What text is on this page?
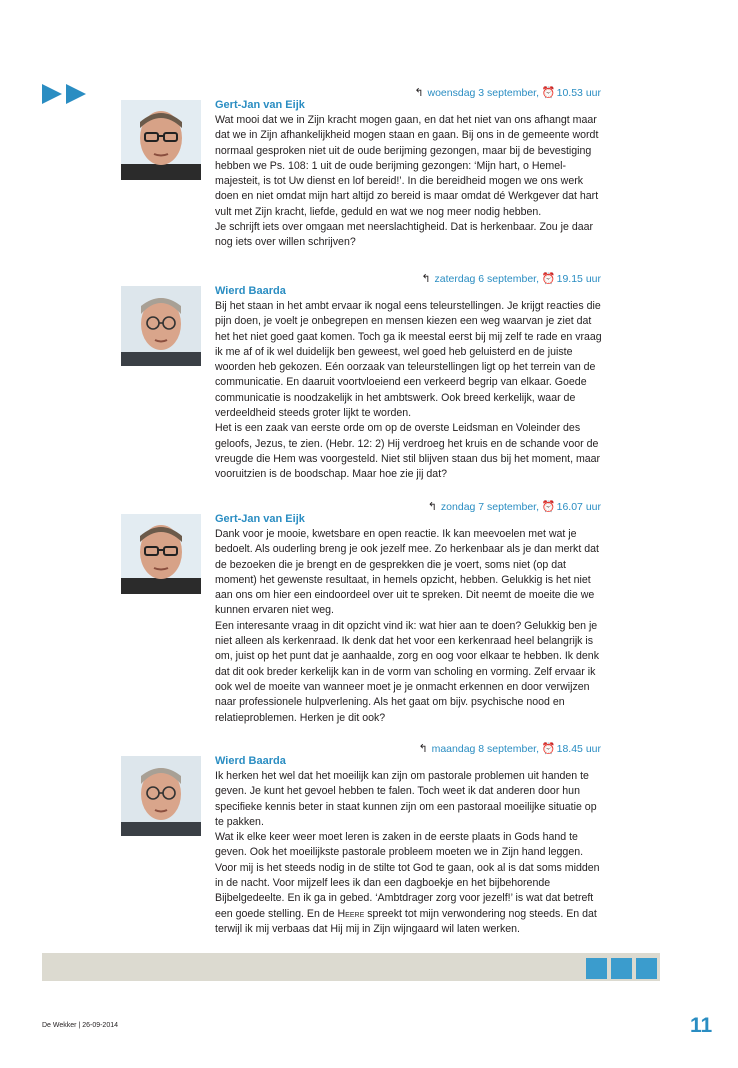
↰ woensdag 3 september, ⏰10.53 uur
Gert-Jan van Eijk

Wat mooi dat we in Zijn kracht mogen gaan, en dat het niet van ons afhangt maar dat we in Zijn afhankelijkheid mogen staan en gaan. Bij ons in de gemeente wordt normaal gesproken niet uit de oude berijming gezongen, maar bij de bevestiging hebben we Ps. 108: 1 uit de oude berijming gezongen: ‘Mijn hart, o Hemel-majesteit, is tot Uw dienst en lof bereid!’. In die bereidheid mogen we ons werk doen en niet omdat mijn hart altijd zo bereid is maar omdat dé Werkgever dat hart vult met Zijn kracht, liefde, geduld en wat we nog meer nodig hebben.

Je schrijft iets over omgaan met neerslachtigheid. Dat is herkenbaar. Zou je daar nog iets over willen schrijven?

↰ zaterdag 6 september, ⏰19.15 uur
Wierd Baarda

Bij het staan in het ambt ervaar ik nogal eens teleurstellingen. Je krijgt reacties die pijn doen, je voelt je onbegrepen en mensen kiezen een weg waarvan je ziet dat het het niet goed gaat komen. Toch ga ik meestal eerst bij mij zelf te rade en vraag ik me af of ik wel duidelijk ben geweest, wel goed heb geluisterd en de juiste woorden heb gekozen. Eén oorzaak van teleurstellingen ligt op het terrein van de communicatie. En daaruit voortvloeiend een verkeerd begrip van elkaar. Goede communicatie is noodzakelijk in het ambtswerk. Ook breed kerkelijk, waar de verdeeldheid steeds groter lijkt te worden.

Het is een zaak van eerste orde om op de overste Leidsman en Voleinder des geloofs, Jezus, te zien. (Hebr. 12: 2) Hij verdroeg het kruis en de schande voor de vreugde die Hem was voorgesteld. Niet stil blijven staan dus bij het moment, maar vooruitzien is de boodschap. Maar hoe zie jij dat?

↰ zondag 7 september, ⏰16.07 uur
Gert-Jan van Eijk

Dank voor je mooie, kwetsbare en open reactie. Ik kan meevoelen met wat je bedoelt. Als ouderling breng je ook jezelf mee. Zo herkenbaar als je dan merkt dat de bezoeken die je brengt en de gesprekken die je voert, soms niet (op dat moment) het gewenste resultaat, in hemels opzicht, hebben. Gelukkig is het niet aan ons om hier een eindoordeel over uit te spreken. Dit neemt de moeite die we kunnen ervaren niet weg.

Een interesante vraag in dit opzicht vind ik: wat hier aan te doen? Gelukkig ben je niet alleen als kerkenraad. Ik denk dat het voor een kerkenraad heel belangrijk is om, juist op het punt dat je aanhaalde, zorg en oog voor elkaar te hebben. Ik denk dat dit ook breder kerkelijk kan in de vorm van scholing en vorming. Zelf ervaar ik ook wel de moeite van wanneer moet je je onmacht erkennen en door verwijzen naar professionele hulpverlening. Als het gaat om bijv. psychische nood en relatieproblemen. Herken je dit ook?

↰ maandag 8 september, ⏰18.45 uur
Wierd Baarda

Ik herken het wel dat het moeilijk kan zijn om pastorale problemen uit handen te geven. Je kunt het gevoel hebben te falen. Toch weet ik dat anderen door hun specifieke kennis beter in staat kunnen zijn om een pastoraal moeilijke situatie op te pakken.

Wat ik elke keer weer moet leren is zaken in de eerste plaats in Gods hand te geven. Ook het moeilijkste pastorale probleem moeten we in Zijn hand leggen. Voor mij is het steeds nodig in de stilte tot God te gaan, ook al is dat soms midden in de nacht. Voor mijzelf lees ik dan een dagboekje en het bijbehorende Bijbelgedeelte. En ik ga in gebed. ‘Ambtdrager zorg voor jezelf!’ is wat dat betreft een goede stelling. En de Heere spreekt tot mijn verwondering nog steeds. En dat terwijl ik mij verbaas dat Hij mij in Zijn wijngaard wil laten werken.

De Wekker | 26-09-2014	11
